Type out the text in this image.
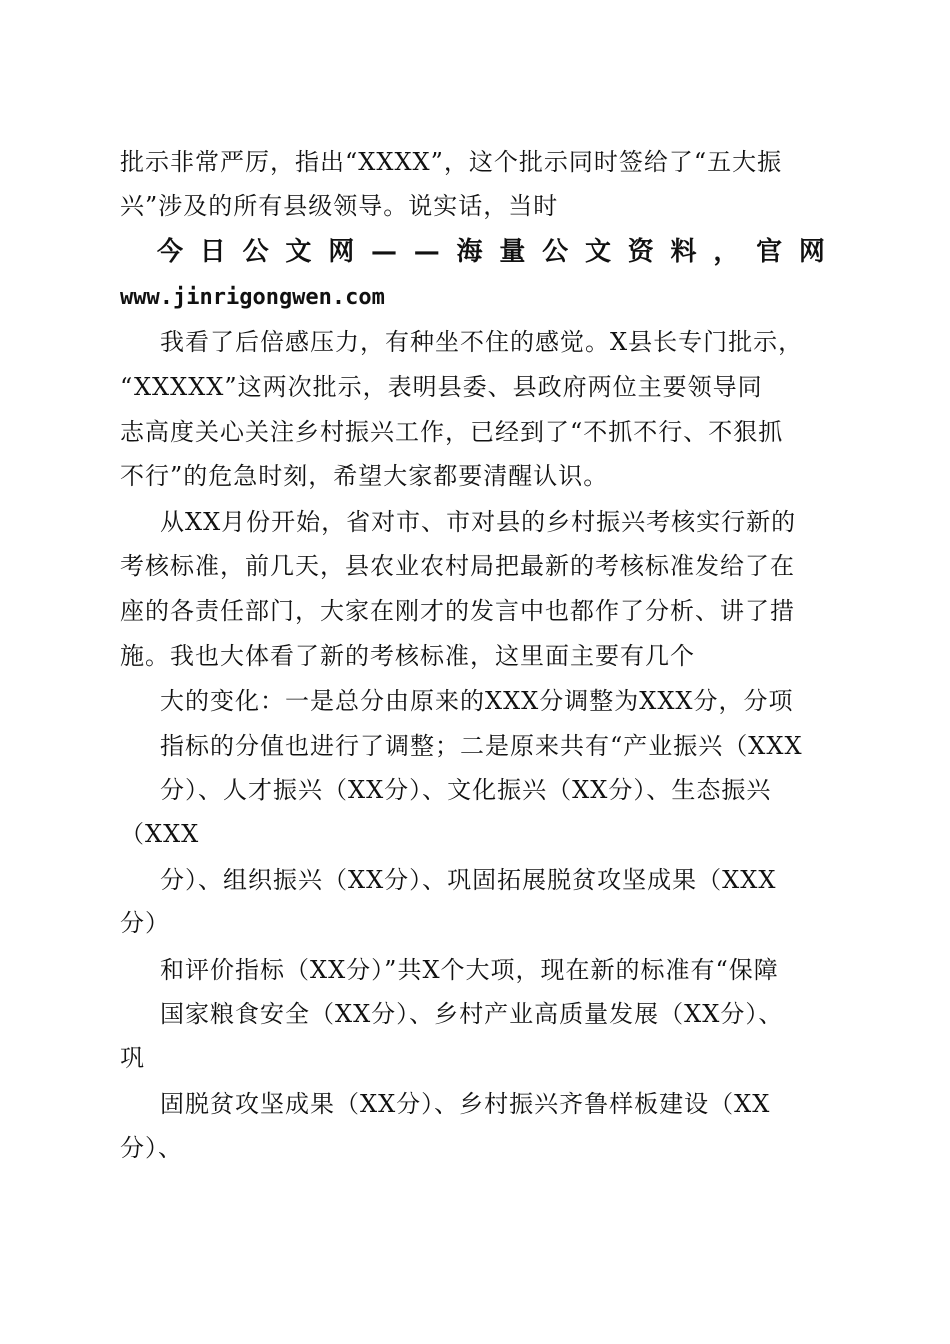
批示非常严厉，指出“XXXX”，这个批示同时签给了“五大振
兴”涉及的所有县级领导。说实话，当时
今 日 公 文 网 — — 海 量 公 文 资 料 ， 官 网
www.jinrigongwen.com
我看了后倍感压力，有种坐不住的感觉。X县长专门批示，
“XXXXX”这两次批示，表明县委、县政府两位主要领导同
志高度关心关注乡村振兴工作，已经到了“不抓不行、不狠抓
不行”的危急时刻，希望大家都要清醒认识。
从XX月份开始，省对市、市对县的乡村振兴考核实行新的
考核标准，前几天，县农业农村局把最新的考核标准发给了在
座的各责任部门，大家在刚才的发言中也都作了分析、讲了措
施。我也大体看了新的考核标准，这里面主要有几个
大的变化：一是总分由原来的XXX分调整为XXX分，分项
指标的分值也进行了调整；二是原来共有“产业振兴（XXX
分）、人才振兴（XX分）、文化振兴（XX分）、生态振兴
（XXX
分）、组织振兴（XX分）、巩固拓展脱贫攻坚成果（XXX
分）
和评价指标（XX分）”共X个大项，现在新的标准有“保障
国家粮食安全（XX分）、乡村产业高质量发展（XX分）、
巩
固脱贫攻坚成果（XX分）、乡村振兴齐鲁样板建设（XX
分）、
